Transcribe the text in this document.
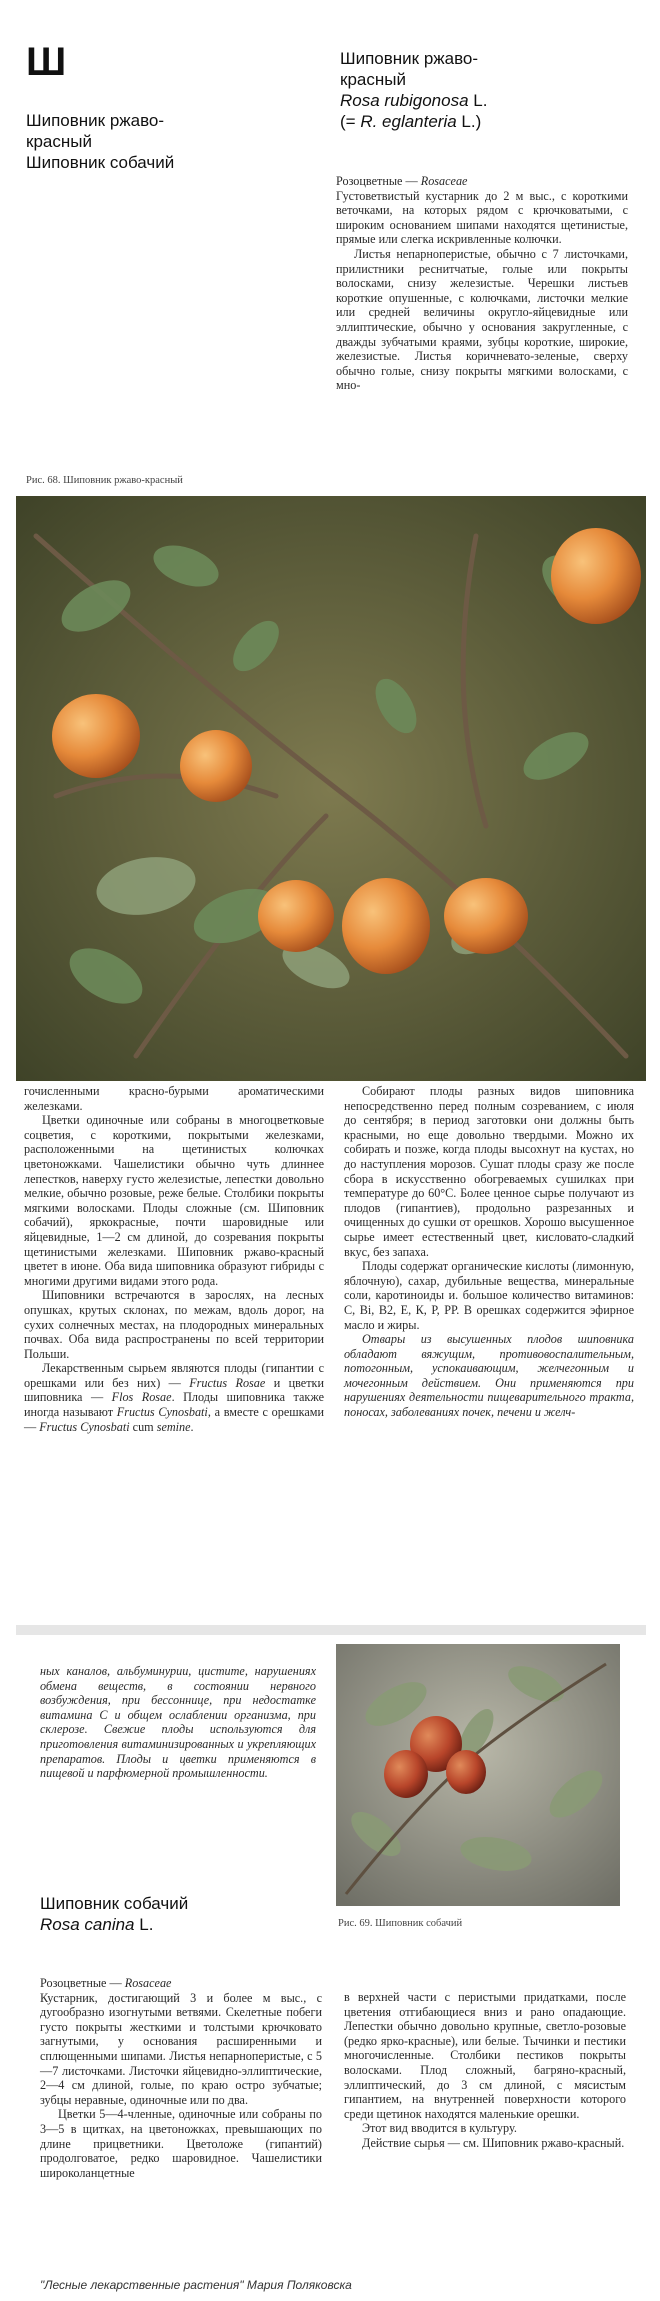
Ш
Шиповник ржаво-
красный
Шиповник собачий
Шиповник ржаво-
красный
Rosa rubigonosa L.
(= R. eglanteria L.)

Розоцветные — Rosaceae

Густоветвистый кустарник до 2 м выс., с короткими веточками, на которых рядом с крючковатыми, с широким основанием шипами находятся щетинистые, прямые или слегка искривленные колючки.

Листья непарноперистые, обычно с 7 листочками, прилистники реснитчатые, голые или покрыты волосками, снизу железистые. Черешки листьев короткие опушенные, с колючками, листочки мелкие или средней величины округло-яйцевидные или эллиптические, обычно у основания закругленные, с дважды зубчатыми краями, зубцы короткие, широкие, железистые. Листья коричневато-зеленые, сверху обычно голые, снизу покрыты мягкими волосками, с мно-

Рис. 68. Шиповник ржаво-красный

гочисленными красно-бурыми ароматическими железками.

Цветки одиночные или собраны в многоцветковые соцветия, с короткими, покрытыми железками, расположенными на щетинистых колючках цветоножками. Чашелистики обычно чуть длиннее лепестков, наверху густо железистые, лепестки довольно мелкие, обычно розовые, реже белые. Столбики покрыты мягкими волосками. Плоды сложные (см. Шиповник собачий), яркокрасные, почти шаровидные или яйцевидные, 1—2 см длиной, до созревания покрыты щетинистыми железками. Шиповник ржаво-красный цветет в июне. Оба вида шиповника образуют гибриды с многими другими видами этого рода.

Шиповники встречаются в зарослях, на лесных опушках, крутых склонах, по межам, вдоль дорог, на сухих солнечных местах, на плодородных минеральных почвах. Оба вида распространены по всей территории Польши.

Лекарственным сырьем являются плоды (гипантии с орешками или без них) — Fructus Rosae и цветки шиповника — Flos Rosae. Плоды шиповника также иногда называют Fructus Cynosbati, а вместе с орешками — Fructus Cynosbati cum semine.

Собирают плоды разных видов шиповника непосредственно перед полным созреванием, с июля до сентября; в период заготовки они должны быть красными, но еще довольно твердыми. Можно их собирать и позже, когда плоды высохнут на кустах, но до наступления морозов. Сушат плоды сразу же после сбора в искусственно обогреваемых сушилках при температуре до 60°С. Более ценное сырье получают из плодов (гипантиев), продольно разрезанных и очищенных до сушки от орешков. Хорошо высушенное сырье имеет естественный цвет, кисловато-сладкий вкус, без запаха.

Плоды содержат органические кислоты (лимонную, яблочную), сахар, дубильные вещества, минеральные соли, каротиноиды и. большое количество витаминов: С, Bi, B2, Е, К, Р, РР. В орешках содержится эфирное масло и жиры.

Отвары из высушенных плодов шиповника обладают вяжущим, противовоспалительным, потогонным, успокаивающим, желчегонным и мочегонным действием. Они применяются при нарушениях деятельности пищеварительного тракта, поносах, заболеваниях почек, печени и желч-

ных каналов, альбуминурии, цистите, нарушениях обмена веществ, в состоянии нервного возбуждения, при бессоннице, при недостатке витамина С и общем ослаблении организма, при склерозе. Свежие плоды используются для приготовления витаминизированных и укрепляющих препаратов. Плоды и цветки применяются в пищевой и парфюмерной промышленности.

Шиповник собачий
Rosa canina L.	Рис. 69. Шиповник собачий

Розоцветные — Rosaceae

Кустарник, достигающий 3 и более м выс., с дугообразно изогнутыми ветвями. Скелетные побеги густо покрыты жесткими и толстыми крючковато загнутыми, у основания расширенными и сплющенными шипами. Листья непарноперистые, с 5—7 листочками. Листочки яйцевидно-эллиптические, 2—4 см длиной, голые, по краю остро зубчатые; зубцы неравные, одиночные или по два.

Цветки 5—4-членные, одиночные или собраны по 3—5 в щитках, на цветоножках, превышающих по длине прицветники. Цветоложе (гипантий) продолговатое, редко шаровидное. Чашелистики широколанцетные

в верхней части с перистыми придатками, после цветения отгибающиеся вниз и рано опадающие. Лепестки обычно довольно крупные, светло-розовые (редко ярко-красные), или белые. Тычинки и пестики многочисленные. Столбики пестиков покрыты волосками. Плод сложный, багряно-красный, эллиптический, до 3 см длиной, с мясистым гипантием, на внутренней поверхности которого среди щетинок находятся маленькие орешки.

Этот вид вводится в культуру.

Действие сырья — см. Шиповник ржаво-красный.

"Лесные лекарственные растения" Мария Поляковска
